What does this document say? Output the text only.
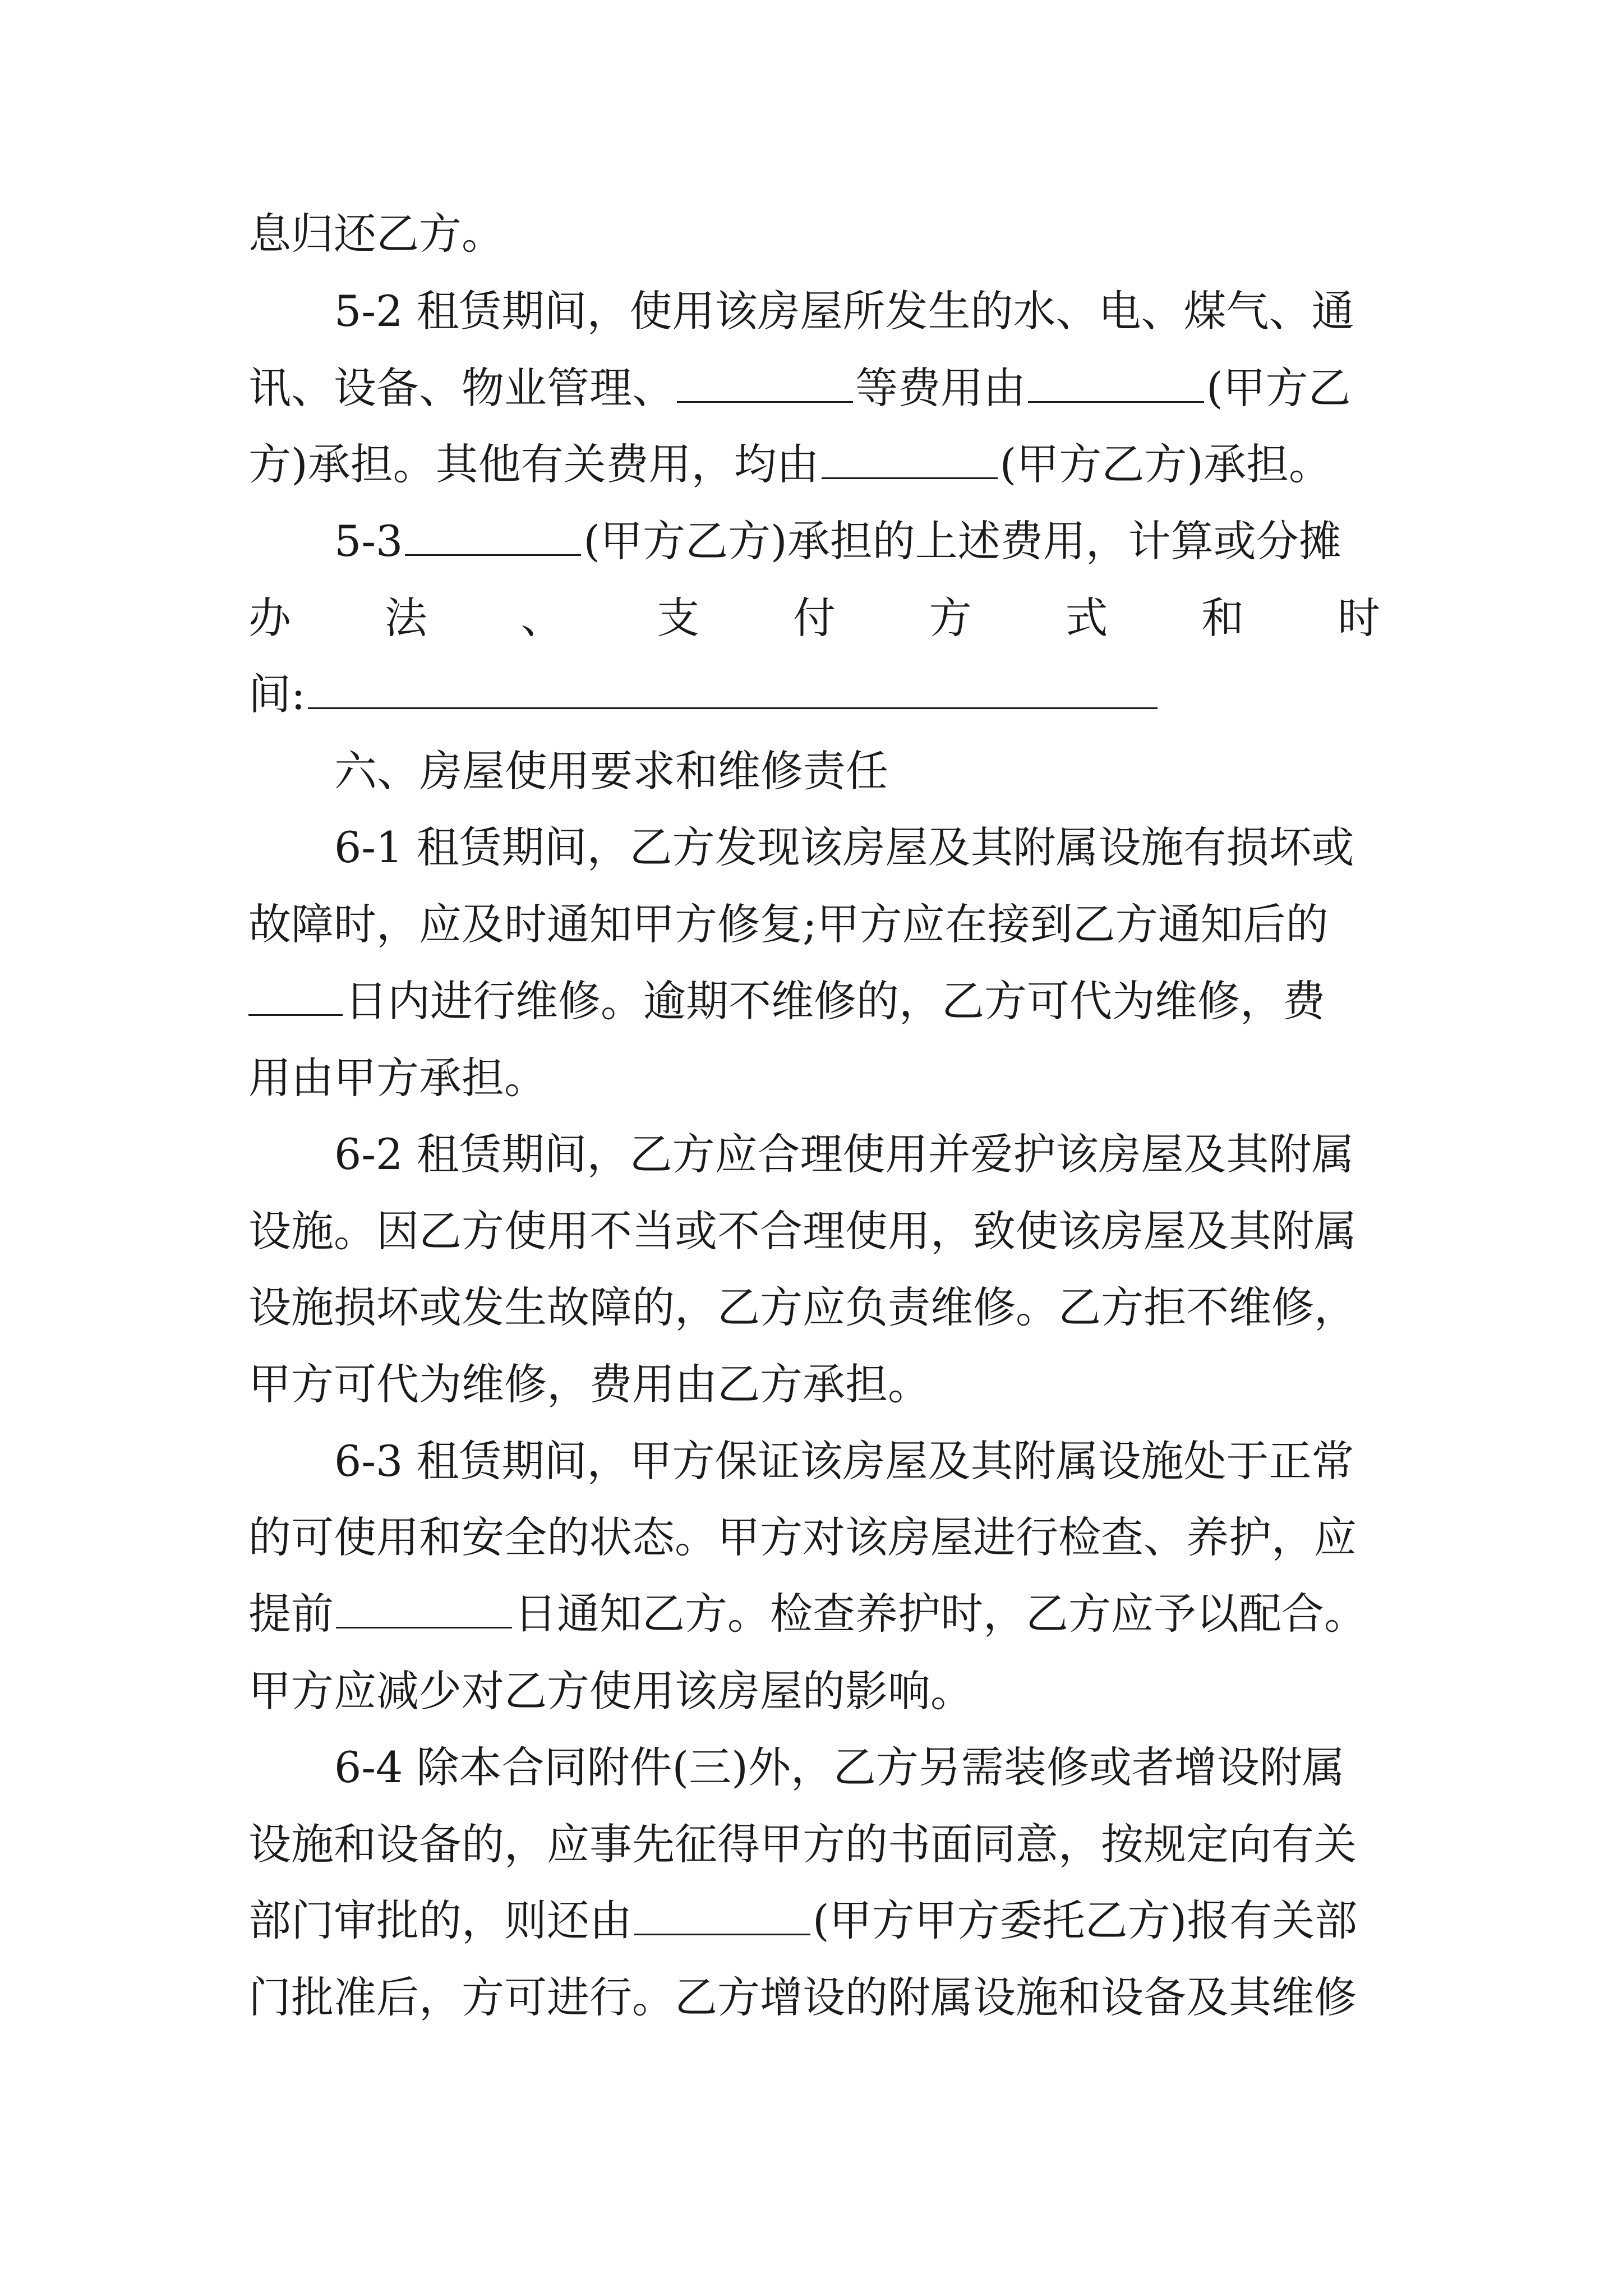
息归还乙方。
5-2 租赁期间，使用该房屋所发生的水、电、煤气、通
讯、设备、物业管理、	等费用由	(甲方乙
方)承担。其他有关费用，均由	(甲方乙方)承担。
5-3	(甲方乙方)承担的上述费用，计算或分摊
办 法 、 支 付 方 式 和 时
间:
六、房屋使用要求和维修责任
6-1 租赁期间，乙方发现该房屋及其附属设施有损坏或
故障时，应及时通知甲方修复;甲方应在接到乙方通知后的
日内进行维修。逾期不维修的，乙方可代为维修，费
用由甲方承担。
6-2 租赁期间，乙方应合理使用并爱护该房屋及其附属
设施。因乙方使用不当或不合理使用，致使该房屋及其附属
设施损坏或发生故障的，乙方应负责维修。乙方拒不维修，
甲方可代为维修，费用由乙方承担。
6-3 租赁期间，甲方保证该房屋及其附属设施处于正常
的可使用和安全的状态。甲方对该房屋进行检查、养护，应
提前	日通知乙方。检查养护时，乙方应予以配合。
甲方应减少对乙方使用该房屋的影响。
6-4 除本合同附件(三)外，乙方另需装修或者增设附属
设施和设备的，应事先征得甲方的书面同意，按规定向有关
部门审批的，则还由	(甲方甲方委托乙方)报有关部
门批准后，方可进行。乙方增设的附属设施和设备及其维修
